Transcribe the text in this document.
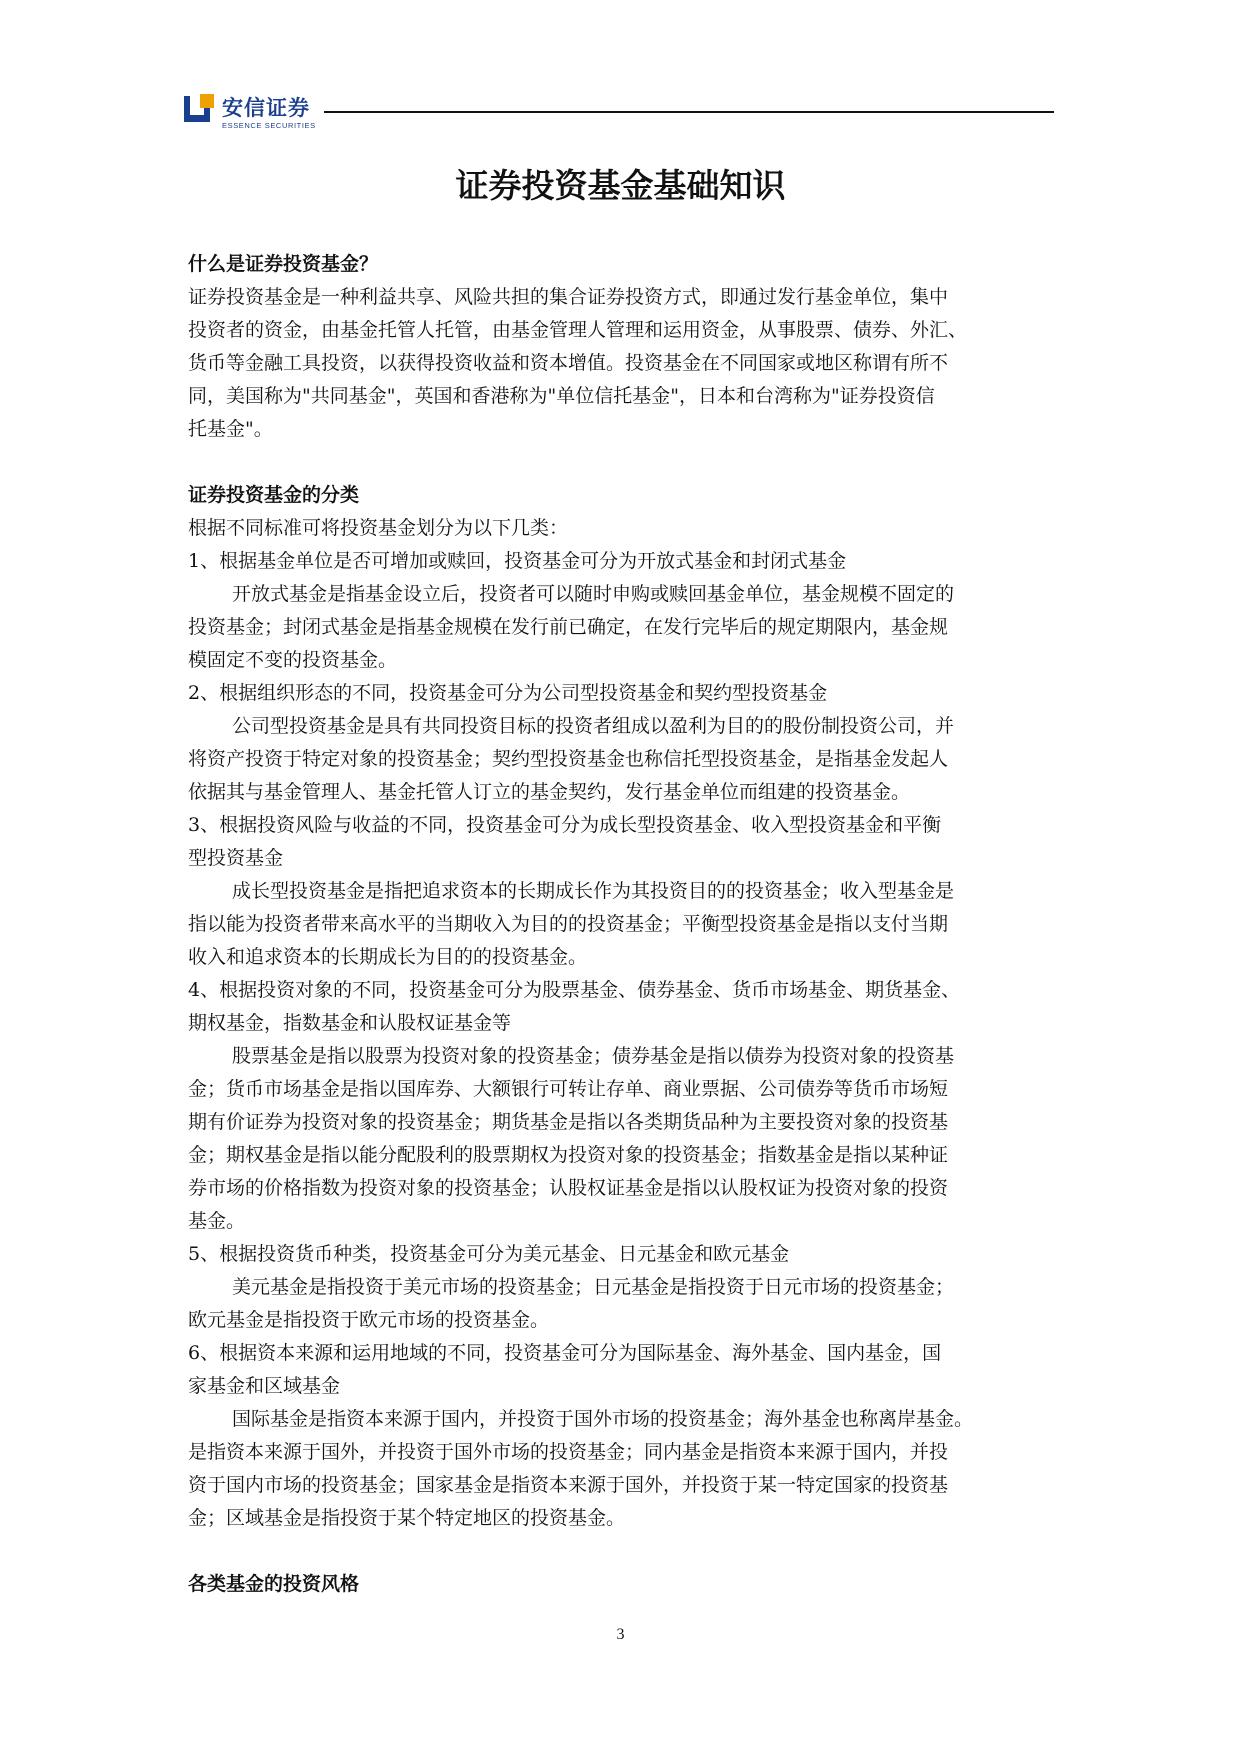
安信证券
ESSENCE SECURITIES
证券投资基金基础知识
什么是证券投资基金？
证券投资基金是一种利益共享、风险共担的集合证券投资方式，即通过发行基金单位，集中
投资者的资金，由基金托管人托管，由基金管理人管理和运用资金，从事股票、债券、外汇、
货币等金融工具投资，以获得投资收益和资本增值。投资基金在不同国家或地区称谓有所不
同，美国称为"共同基金"，英国和香港称为"单位信托基金"，日本和台湾称为"证券投资信
托基金"。
证券投资基金的分类
根据不同标准可将投资基金划分为以下几类：
1、根据基金单位是否可增加或赎回，投资基金可分为开放式基金和封闭式基金
开放式基金是指基金设立后，投资者可以随时申购或赎回基金单位，基金规模不固定的
投资基金；封闭式基金是指基金规模在发行前已确定，在发行完毕后的规定期限内，基金规
模固定不变的投资基金。
2、根据组织形态的不同，投资基金可分为公司型投资基金和契约型投资基金
公司型投资基金是具有共同投资目标的投资者组成以盈利为目的的股份制投资公司，并
将资产投资于特定对象的投资基金；契约型投资基金也称信托型投资基金，是指基金发起人
依据其与基金管理人、基金托管人订立的基金契约，发行基金单位而组建的投资基金。
3、根据投资风险与收益的不同，投资基金可分为成长型投资基金、收入型投资基金和平衡
型投资基金
成长型投资基金是指把追求资本的长期成长作为其投资目的的投资基金；收入型基金是
指以能为投资者带来高水平的当期收入为目的的投资基金；平衡型投资基金是指以支付当期
收入和追求资本的长期成长为目的的投资基金。
4、根据投资对象的不同，投资基金可分为股票基金、债券基金、货币市场基金、期货基金、
期权基金，指数基金和认股权证基金等
股票基金是指以股票为投资对象的投资基金；债券基金是指以债券为投资对象的投资基
金；货币市场基金是指以国库券、大额银行可转让存单、商业票据、公司债券等货币市场短
期有价证券为投资对象的投资基金；期货基金是指以各类期货品种为主要投资对象的投资基
金；期权基金是指以能分配股利的股票期权为投资对象的投资基金；指数基金是指以某种证
券市场的价格指数为投资对象的投资基金；认股权证基金是指以认股权证为投资对象的投资
基金。
5、根据投资货币种类，投资基金可分为美元基金、日元基金和欧元基金
美元基金是指投资于美元市场的投资基金；日元基金是指投资于日元市场的投资基金；
欧元基金是指投资于欧元市场的投资基金。
6、根据资本来源和运用地域的不同，投资基金可分为国际基金、海外基金、国内基金，国
家基金和区域基金
国际基金是指资本来源于国内，并投资于国外市场的投资基金；海外基金也称离岸基金。
是指资本来源于国外，并投资于国外市场的投资基金；同内基金是指资本来源于国内，并投
资于国内市场的投资基金；国家基金是指资本来源于国外，并投资于某一特定国家的投资基
金；区域基金是指投资于某个特定地区的投资基金。
各类基金的投资风格
3
